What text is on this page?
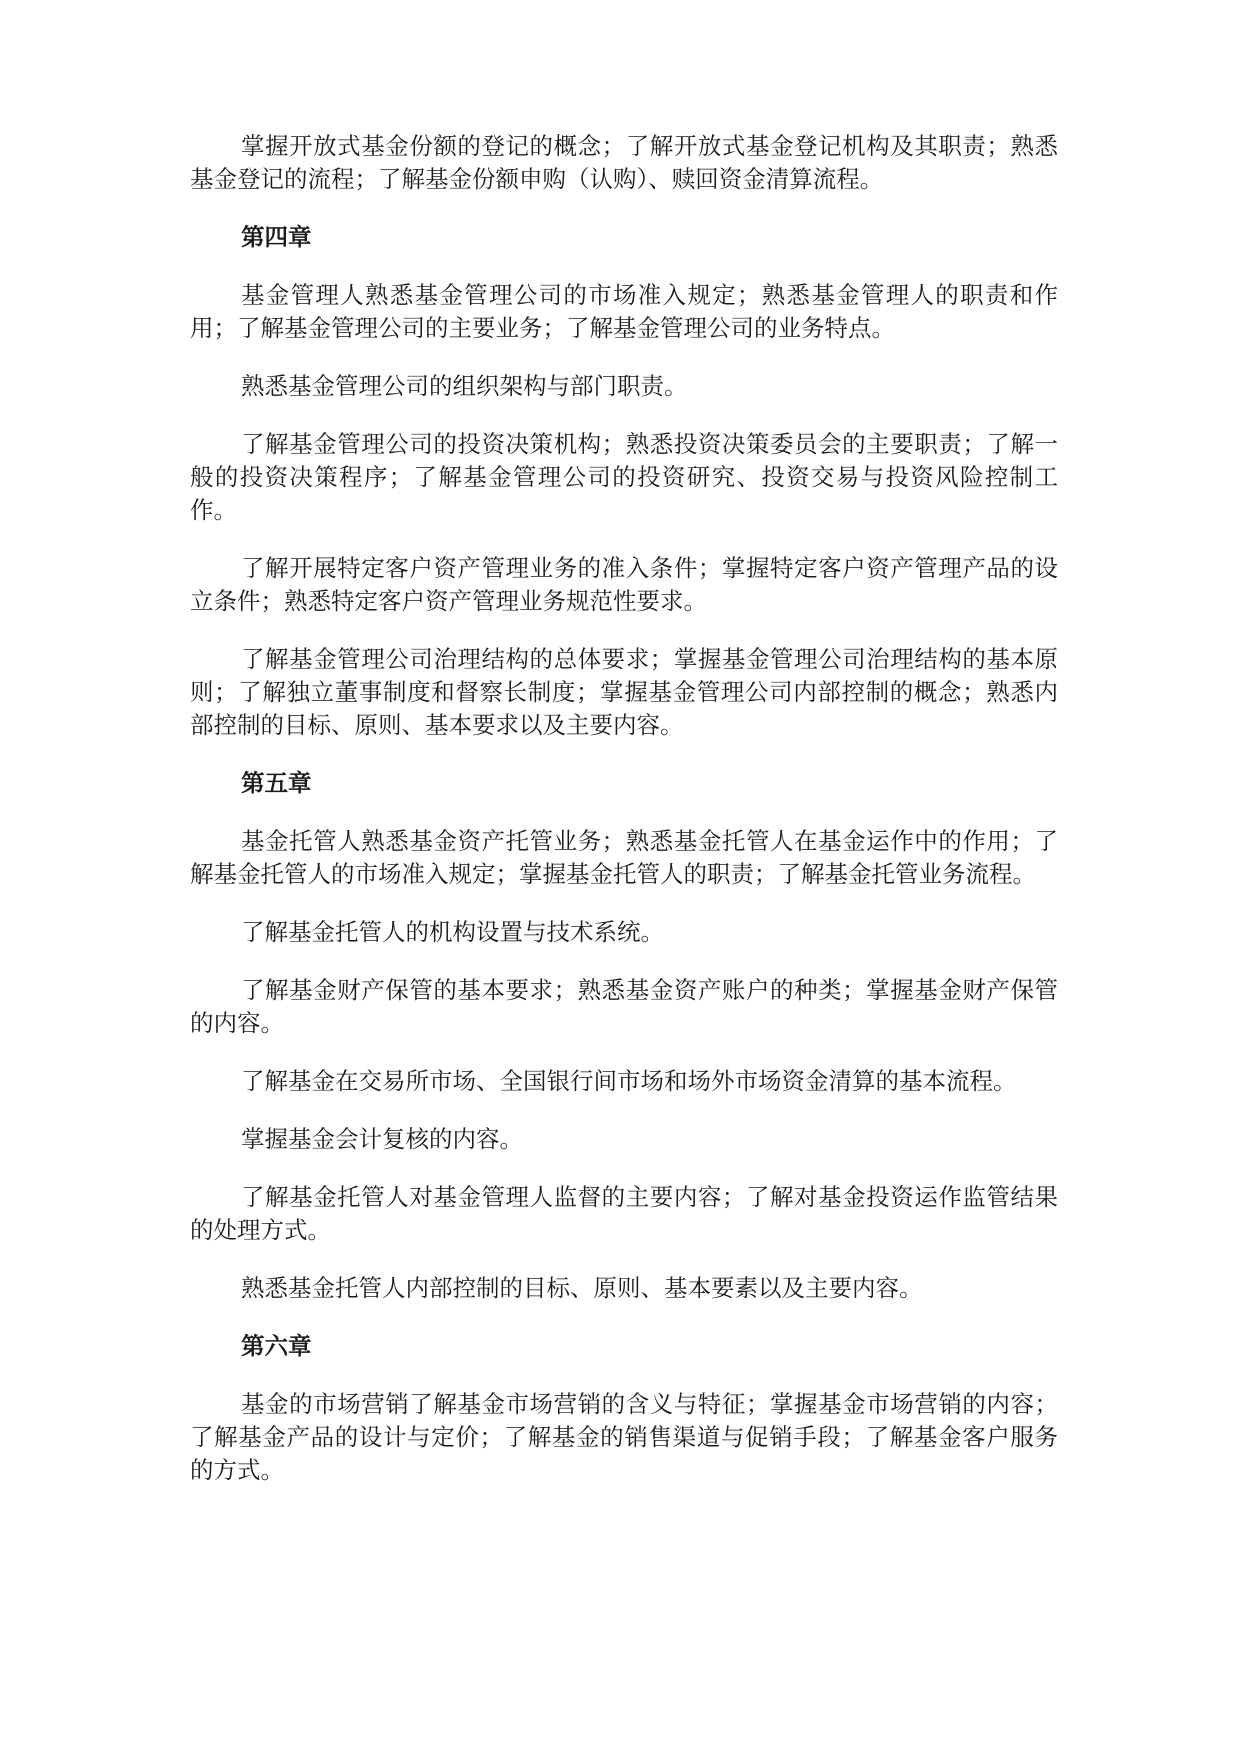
掌握开放式基金份额的登记的概念；了解开放式基金登记机构及其职责；熟悉基金登记的流程；了解基金份额申购（认购）、赎回资金清算流程。

第四章

基金管理人熟悉基金管理公司的市场准入规定；熟悉基金管理人的职责和作用；了解基金管理公司的主要业务；了解基金管理公司的业务特点。

熟悉基金管理公司的组织架构与部门职责。

了解基金管理公司的投资决策机构；熟悉投资决策委员会的主要职责；了解一般的投资决策程序；了解基金管理公司的投资研究、投资交易与投资风险控制工作。

了解开展特定客户资产管理业务的准入条件；掌握特定客户资产管理产品的设立条件；熟悉特定客户资产管理业务规范性要求。

了解基金管理公司治理结构的总体要求；掌握基金管理公司治理结构的基本原则；了解独立董事制度和督察长制度；掌握基金管理公司内部控制的概念；熟悉内部控制的目标、原则、基本要求以及主要内容。

第五章

基金托管人熟悉基金资产托管业务；熟悉基金托管人在基金运作中的作用；了解基金托管人的市场准入规定；掌握基金托管人的职责；了解基金托管业务流程。

了解基金托管人的机构设置与技术系统。

了解基金财产保管的基本要求；熟悉基金资产账户的种类；掌握基金财产保管的内容。

了解基金在交易所市场、全国银行间市场和场外市场资金清算的基本流程。

掌握基金会计复核的内容。

了解基金托管人对基金管理人监督的主要内容；了解对基金投资运作监管结果的处理方式。

熟悉基金托管人内部控制的目标、原则、基本要素以及主要内容。

第六章

基金的市场营销了解基金市场营销的含义与特征；掌握基金市场营销的内容；了解基金产品的设计与定价；了解基金的销售渠道与促销手段；了解基金客户服务的方式。
